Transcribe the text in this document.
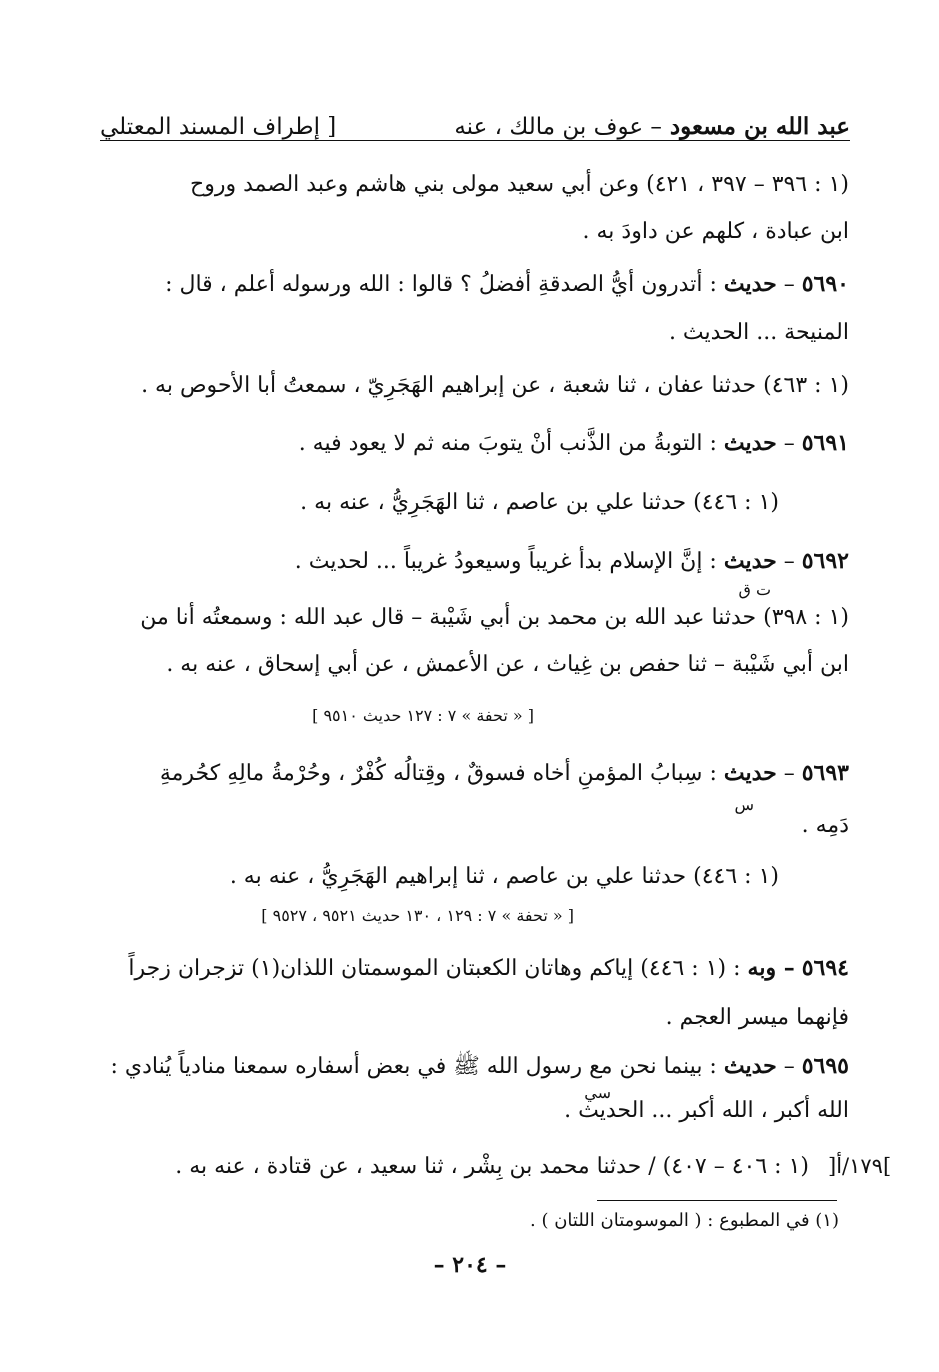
عبد الله بن مسعود – عوف بن مالك ، عنه
[ إطراف المسند المعتلي
(١ : ٣٩٦ – ٣٩٧ ، ٤٢١) وعن أبي سعيد مولى بني هاشم وعبد الصمد وروح
ابن عبادة ، كلهم عن داودَ به .
٥٦٩٠ – حديث : أتدرون أيُّ الصدقةِ أفضلُ ؟ قالوا : الله ورسوله أعلم ، قال :
المنيحة ... الحديث .
(١ : ٤٦٣) حدثنا عفان ، ثنا شعبة ، عن إبراهيم الهَجَرِيّ ، سمعتُ أبا الأحوص به .
٥٦٩١ – حديث : التوبةُ من الذَّنب أنْ يتوبَ منه ثم لا يعود فيه .
(١ : ٤٤٦) حدثنا علي بن عاصم ، ثنا الهَجَرِيُّ ، عنه به .
٥٦٩٢ – حديث : إنَّ الإسلام بدأ غريباً وسيعودُ غريباً ... لحديث .
ت ق
(١ : ٣٩٨) حدثنا عبد الله بن محمد بن أبي شَيْبة – قال عبد الله : وسمعتُه أنا من
ابن أبي شَيْبة – ثنا حفص بن غِياث ، عن الأعمش ، عن أبي إسحاق ، عنه به .
[ « تحفة » ٧ : ١٢٧ حديث ٩٥١٠ ]
٥٦٩٣ – حديث : سِبابُ المؤمنِ أخاه فسوقٌ ، وقِتالُه كُفْرٌ ، وحُرْمةُ مالِهِ كحُرمةِ
س
دَمِه .
(١ : ٤٤٦) حدثنا علي بن عاصم ، ثنا إبراهيم الهَجَرِيُّ ، عنه به .
[ « تحفة » ٧ : ١٢٩ ، ١٣٠ حديث ٩٥٢١ ، ٩٥٢٧ ]
٥٦٩٤ – وبه : (١ : ٤٤٦) إياكم وهاتان الكعبتان الموسمتان اللذان(١) تزجران زجراً
فإنهما ميسر العجم .
٥٦٩٥ – حديث : بينما نحن مع رسول الله ﷺ في بعض أسفاره سمعنا منادياً يُنادي :
سي
الله أكبر ، الله أكبر ... الحديث .
(١ : ٤٠٦ – ٤٠٧) / حدثنا محمد بن بِشْر ، ثنا سعيد ، عن قتادة ، عنه به . ]١٧٩/أ[
(١) في المطبوع : ( الموسومتان اللتان ) .
– ٢٠٤ –
